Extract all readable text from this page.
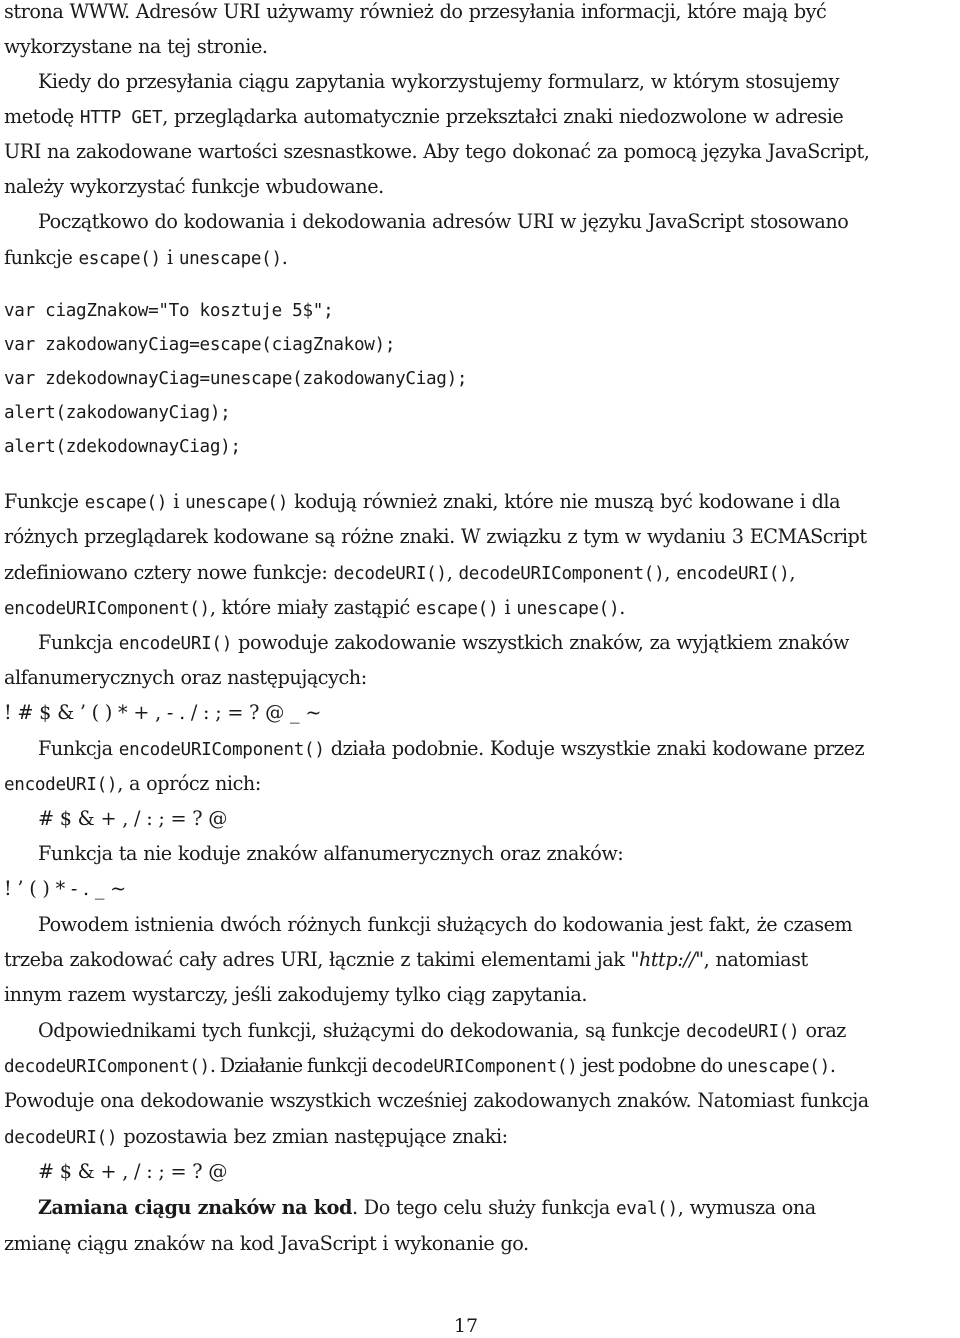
strona WWW. Adresów URI używamy również do przesyłania informacji, które mają być
wykorzystane na tej stronie.
Kiedy do przesyłania ciągu zapytania wykorzystujemy formularz, w którym stosujemy
metodę HTTP GET, przeglądarka automatycznie przekształci znaki niedozwolone w adresie
URI na zakodowane wartości szesnastkowe. Aby tego dokonać za pomocą języka JavaScript,
należy wykorzystać funkcje wbudowane.
Początkowo do kodowania i dekodowania adresów URI w języku JavaScript stosowano
funkcje escape() i unescape().
var ciagZnakow="To kosztuje 5$";
var zakodowanyCiag=escape(ciagZnakow);
var zdekodownayCiag=unescape(zakodowanyCiag);
alert(zakodowanyCiag);
alert(zdekodownayCiag);
Funkcje escape() i unescape() kodują również znaki, które nie muszą być kodowane i dla
różnych przeglądarek kodowane są różne znaki. W związku z tym w wydaniu 3 ECMAScript
zdefiniowano cztery nowe funkcje: decodeURI(), decodeURIComponent(), encodeURI(),
encodeURIComponent(), które miały zastąpić escape() i unescape().
Funkcja encodeURI() powoduje zakodowanie wszystkich znaków, za wyjątkiem znaków
alfanumerycznych oraz następujących:
! # $ & ’ ( ) * + , - . / : ; = ? @ _ ~
Funkcja encodeURIComponent() działa podobnie. Koduje wszystkie znaki kodowane przez
encodeURI(), a oprócz nich:
# $ & + , / : ; = ? @
Funkcja ta nie koduje znaków alfanumerycznych oraz znaków:
! ’ ( ) * - . _ ~
Powodem istnienia dwóch różnych funkcji służących do kodowania jest fakt, że czasem
trzeba zakodować cały adres URI, łącznie z takimi elementami jak "http://", natomiast
innym razem wystarczy, jeśli zakodujemy tylko ciąg zapytania.
Odpowiednikami tych funkcji, służącymi do dekodowania, są funkcje decodeURI() oraz
decodeURIComponent(). Działanie funkcji decodeURIComponent() jest podobne do unescape().
Powoduje ona dekodowanie wszystkich wcześniej zakodowanych znaków. Natomiast funkcja
decodeURI() pozostawia bez zmian następujące znaki:
# $ & + , / : ; = ? @
Zamiana ciągu znaków na kod. Do tego celu służy funkcja eval(), wymusza ona
zmianę ciągu znaków na kod JavaScript i wykonanie go.
17
